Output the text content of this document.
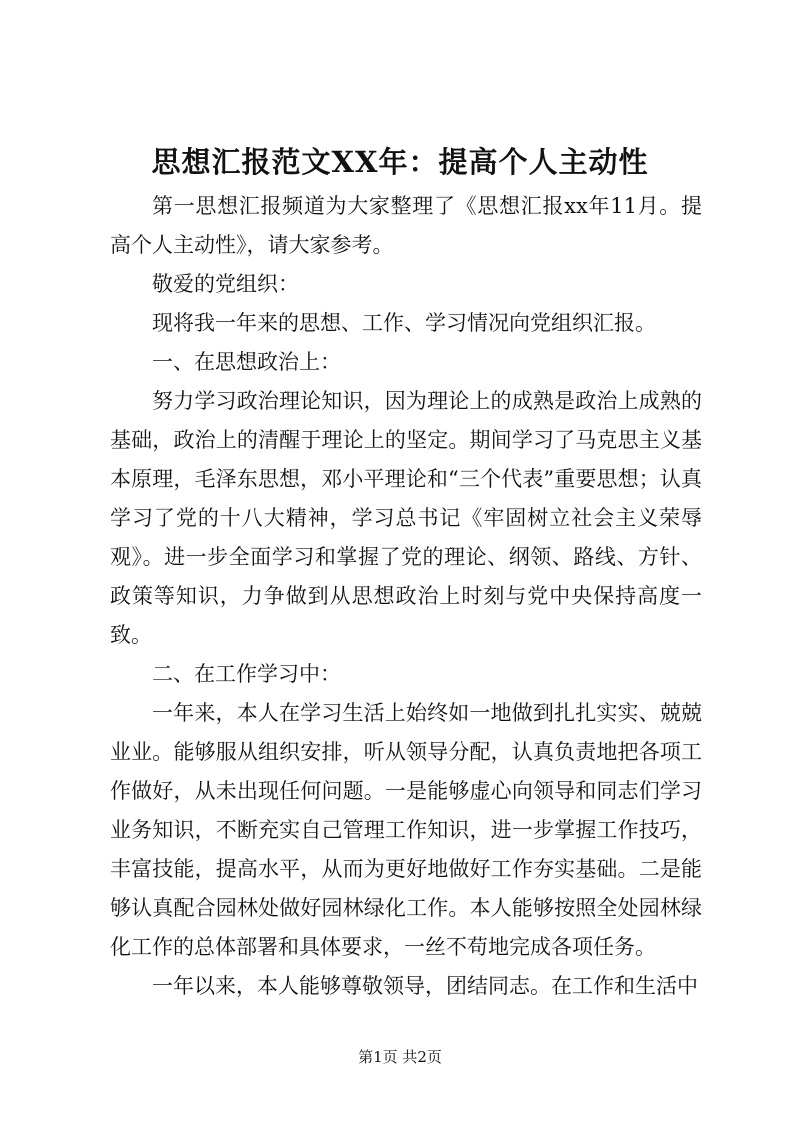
思想汇报范文XX年：提高个人主动性

第一思想汇报频道为大家整理了《思想汇报xx年11月。提高个人主动性》，请大家参考。

敬爱的党组织：

现将我一年来的思想、工作、学习情况向党组织汇报。

一、在思想政治上：

努力学习政治理论知识，因为理论上的成熟是政治上成熟的基础，政治上的清醒于理论上的坚定。期间学习了马克思主义基本原理，毛泽东思想，邓小平理论和“三个代表”重要思想；认真学习了党的十八大精神，学习总书记《牢固树立社会主义荣辱观》。进一步全面学习和掌握了党的理论、纲领、路线、方针、政策等知识，力争做到从思想政治上时刻与党中央保持高度一致。

二、在工作学习中：

一年来，本人在学习生活上始终如一地做到扎扎实实、兢兢业业。能够服从组织安排，听从领导分配，认真负责地把各项工作做好，从未出现任何问题。一是能够虚心向领导和同志们学习业务知识，不断充实自己管理工作知识，进一步掌握工作技巧，丰富技能，提高水平，从而为更好地做好工作夯实基础。二是能够认真配合园林处做好园林绿化工作。本人能够按照全处园林绿化工作的总体部署和具体要求，一丝不苟地完成各项任务。

一年以来，本人能够尊敬领导，团结同志。在工作和生活中

第1页 共2页
